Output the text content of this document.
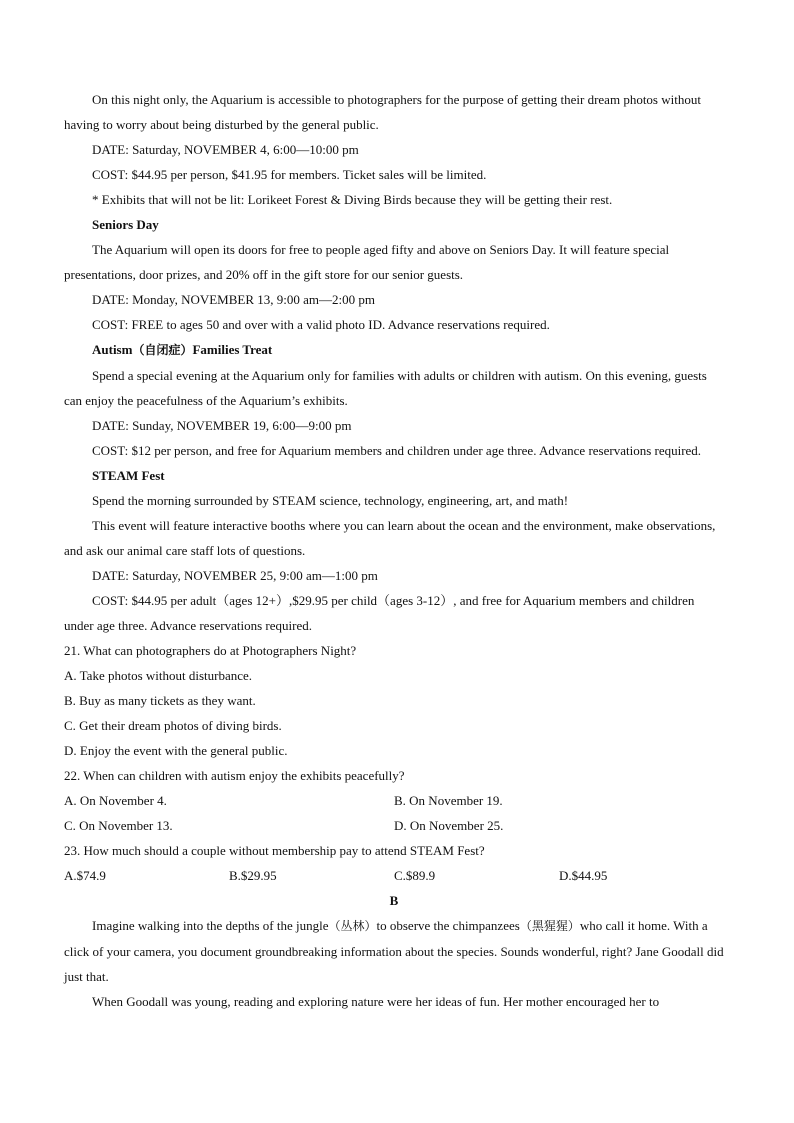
On this night only, the Aquarium is accessible to photographers for the purpose of getting their dream photos without having to worry about being disturbed by the general public.

DATE: Saturday, NOVEMBER 4, 6:00—10:00 pm

COST: $44.95 per person, $41.95 for members. Ticket sales will be limited.

* Exhibits that will not be lit: Lorikeet Forest & Diving Birds because they will be getting their rest.

Seniors Day

The Aquarium will open its doors for free to people aged fifty and above on Seniors Day. It will feature special presentations, door prizes, and 20% off in the gift store for our senior guests.

DATE: Monday, NOVEMBER 13, 9:00 am—2:00 pm

COST: FREE to ages 50 and over with a valid photo ID. Advance reservations required.

Autism（自闭症）Families Treat

Spend a special evening at the Aquarium only for families with adults or children with autism. On this evening, guests can enjoy the peacefulness of the Aquarium’s exhibits.

DATE: Sunday, NOVEMBER 19, 6:00—9:00 pm

COST: $12 per person, and free for Aquarium members and children under age three. Advance reservations required.

STEAM Fest

Spend the morning surrounded by STEAM science, technology, engineering, art, and math!

This event will feature interactive booths where you can learn about the ocean and the environment, make observations, and ask our animal care staff lots of questions.

DATE: Saturday, NOVEMBER 25, 9:00 am—1:00 pm

COST: $44.95 per adult（ages 12+）,$29.95 per child（ages 3-12）, and free for Aquarium members and children under age three. Advance reservations required.

21. What can photographers do at Photographers Night?

A. Take photos without disturbance.

B. Buy as many tickets as they want.

C. Get their dream photos of diving birds.

D. Enjoy the event with the general public.

22. When can children with autism enjoy the exhibits peacefully?

A. On November 4.	B. On November 19.
C. On November 13.	D. On November 25.

23. How much should a couple without membership pay to attend STEAM Fest?

A.$74.9	B.$29.95	C.$89.9	D.$44.95

B

Imagine walking into the depths of the jungle（丛林）to observe the chimpanzees（黑猩猩）who call it home. With a click of your camera, you document groundbreaking information about the species. Sounds wonderful, right? Jane Goodall did just that.

When Goodall was young, reading and exploring nature were her ideas of fun. Her mother encouraged her to
